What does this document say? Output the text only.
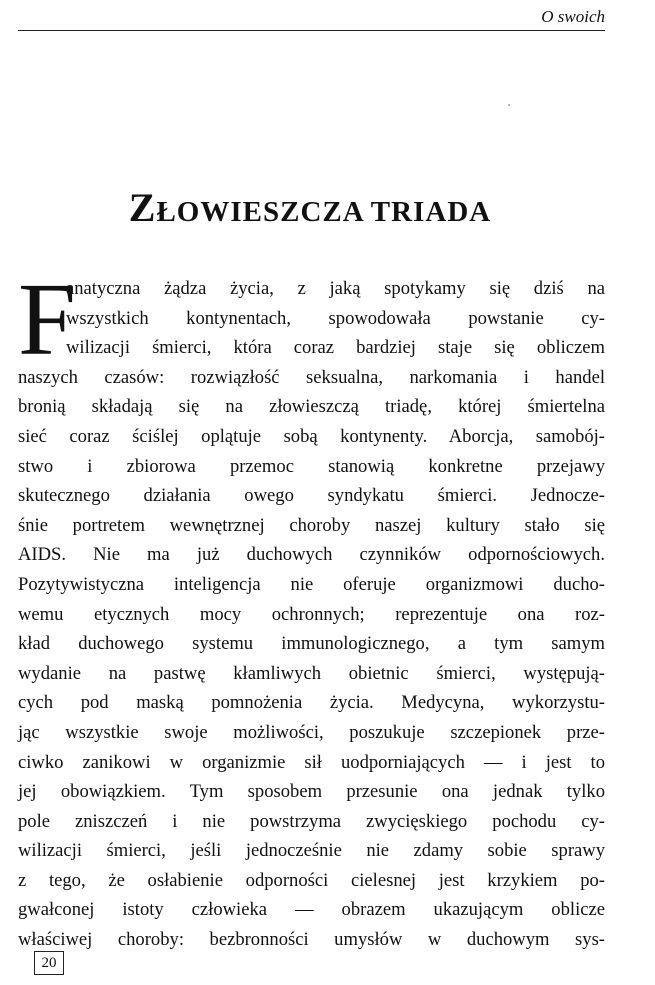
O swoich
ZŁOWIESZCZA TRIADA
F
anatyczna żądza życia, z jaką spotykamy się dziś na
wszystkich kontynentach, spowodowała powstanie cy-
wilizacji śmierci, która coraz bardziej staje się obliczem
naszych czasów: rozwiązłość seksualna, narkomania i handel
bronią składają się na złowieszczą triadę, której śmiertelna
sieć coraz ściślej oplątuje sobą kontynenty. Aborcja, samobój-
stwo i zbiorowa przemoc stanowią konkretne przejawy
skutecznego działania owego syndykatu śmierci. Jednocze-
śnie portretem wewnętrznej choroby naszej kultury stało się
AIDS. Nie ma już duchowych czynników odpornościowych.
Pozytywistyczna inteligencja nie oferuje organizmowi ducho-
wemu etycznych mocy ochronnych; reprezentuje ona roz-
kład duchowego systemu immunologicznego, a tym samym
wydanie na pastwę kłamliwych obietnic śmierci, występują-
cych pod maską pomnożenia życia. Medycyna, wykorzystu-
jąc wszystkie swoje możliwości, poszukuje szczepionek prze-
ciwko zanikowi w organizmie sił uodporniających — i jest to
jej obowiązkiem. Tym sposobem przesunie ona jednak tylko
pole zniszczeń i nie powstrzyma zwycięskiego pochodu cy-
wilizacji śmierci, jeśli jednocześnie nie zdamy sobie sprawy
z tego, że osłabienie odporności cielesnej jest krzykiem po-
gwałconej istoty człowieka — obrazem ukazującym oblicze
właściwej choroby: bezbronności umysłów w duchowym sys-
20
